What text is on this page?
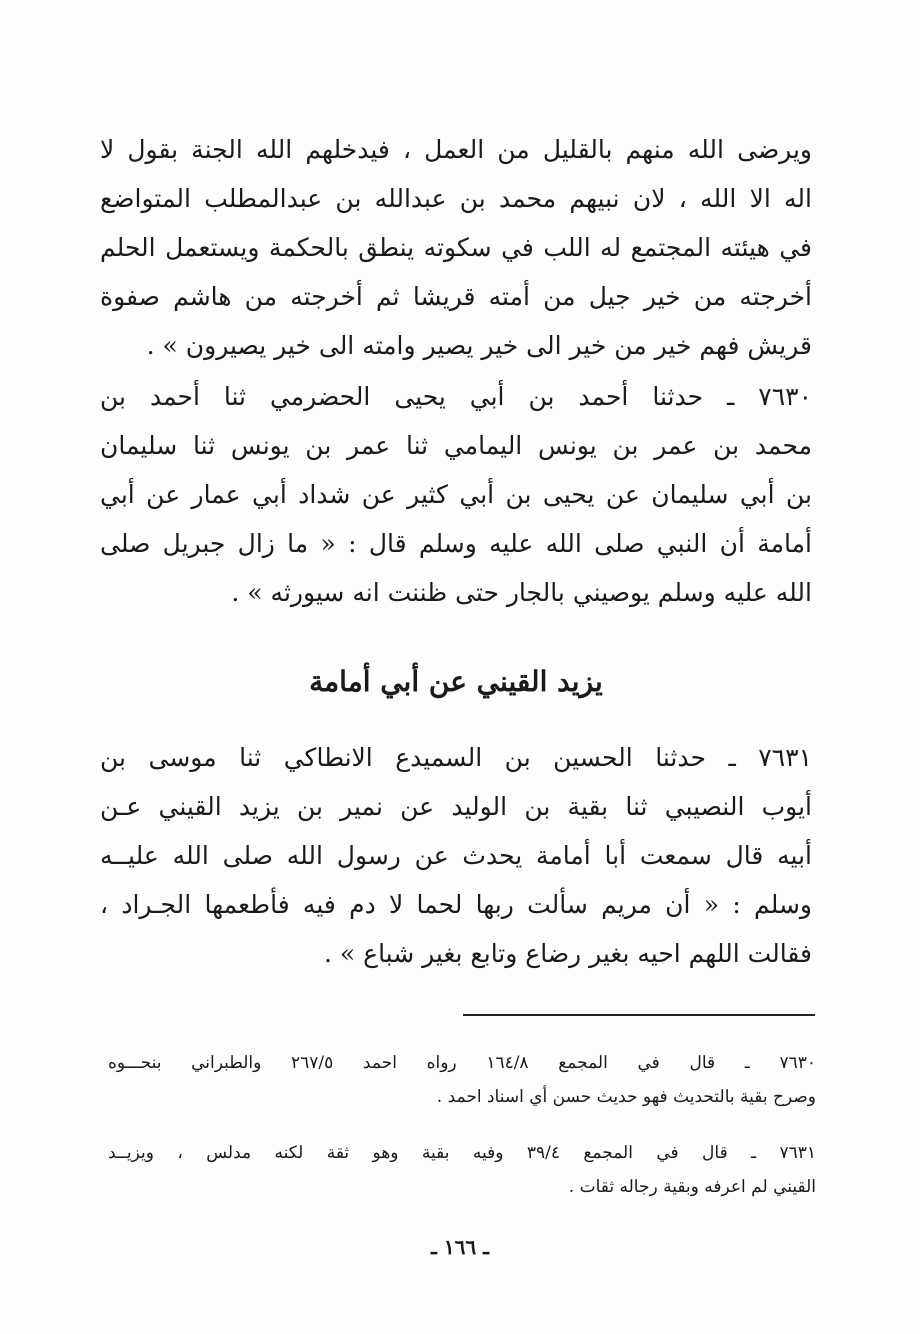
ويرضى الله منهم بالقليل من العمل ، فيدخلهم الله الجنة بقول لا
اله الا الله ، لان نبيهم محمد بن عبدالله بن عبدالمطلب المتواضع
في هيئته المجتمع له اللب في سكوته ينطق بالحكمة ويستعمل الحلم
أخرجته من خير جيل من أمته قريشا ثم أخرجته من هاشم صفوة
قريش فهم خير من خير الى خير يصير وامته الى خير يصيرون » .
٧٦٣٠ ـ حدثنا أحمد بن أبي يحيى الحضرمي ثنا أحمد بن
محمد بن عمر بن يونس اليمامي ثنا عمر بن يونس ثنا سليمان
بن أبي سليمان عن يحيى بن أبي كثير عن شداد أبي عمار عن أبي
أمامة أن النبي صلى الله عليه وسلم قال : « ما زال جبريل صلى
الله عليه وسلم يوصيني بالجار حتى ظننت انه سيورثه » .
يزيد القيني عن أبي أمامة
٧٦٣١ ـ حدثنا الحسين بن السميدع الانطاكي ثنا موسى بن
أيوب النصيبي ثنا بقية بن الوليد عن نمير بن يزيد القيني عـن
أبيه قال سمعت أبا أمامة يحدث عن رسول الله صلى الله عليــه
وسلم : « أن مريم سألت ربها لحما لا دم فيه فأطعمها الجـراد ،
فقالت اللهم احيه بغير رضاع وتابع بغير شباع » .
٧٦٣٠ ـ قال في المجمع ١٦٤/٨ رواه احمد ٢٦٧/٥ والطبراني بنحـــوه
وصرح بقية بالتحديث فهو حديث حسن أي اسناد احمد .
٧٦٣١ ـ قال في المجمع ٣٩/٤ وفيه بقية وهو ثقة لكنه مدلس ، ويزيــد
القيني لم اعرفه وبقية رجاله ثقات .
ـ ١٦٦ ـ
